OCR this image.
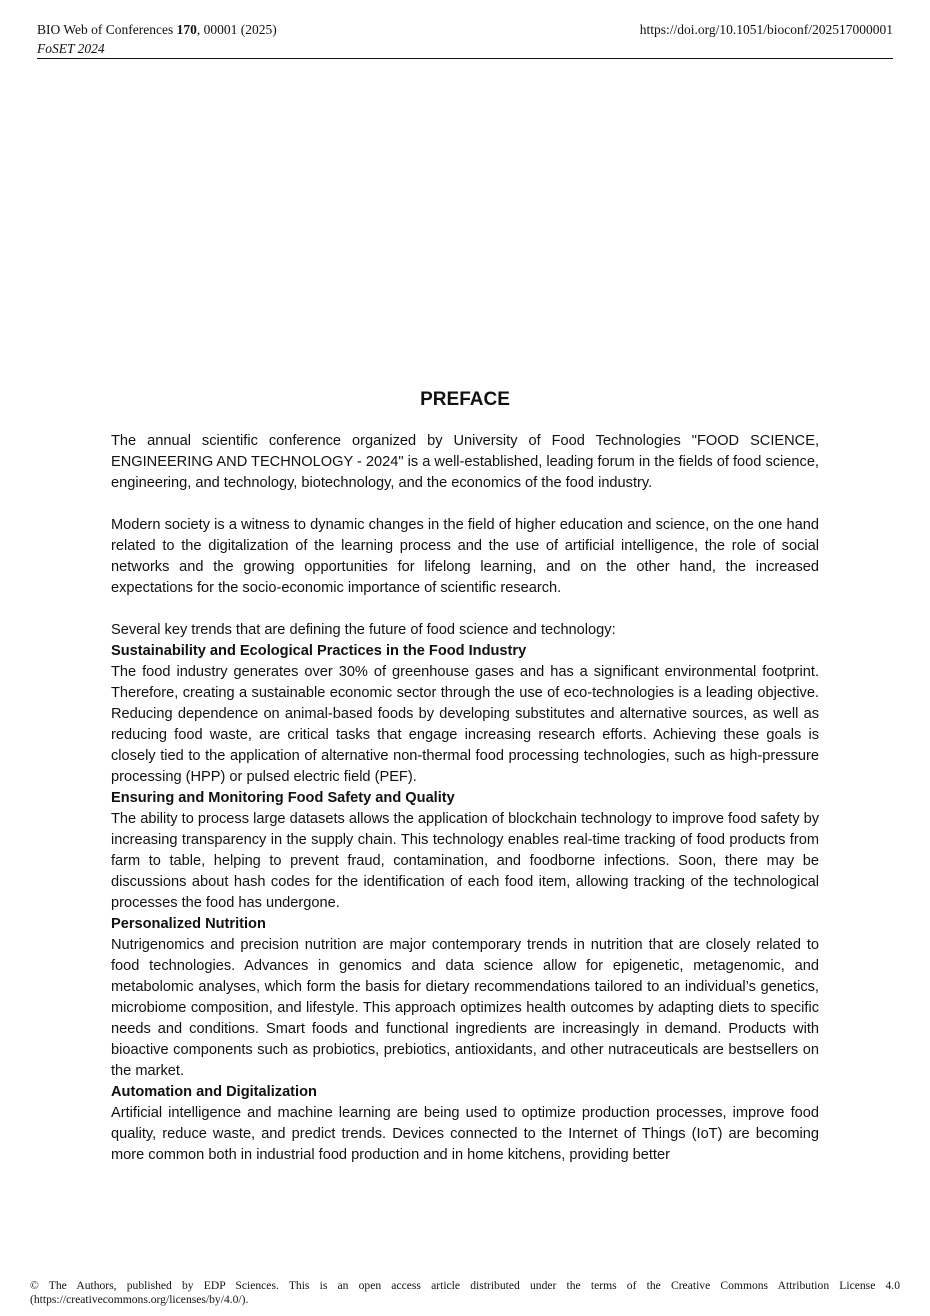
BIO Web of Conferences 170, 00001 (2025)	https://doi.org/10.1051/bioconf/202517000001
FoSET 2024
PREFACE

The annual scientific conference organized by University of Food Technologies "FOOD SCIENCE, ENGINEERING AND TECHNOLOGY - 2024" is a well-established, leading forum in the fields of food science, engineering, and technology, biotechnology, and the economics of the food industry.

Modern society is a witness to dynamic changes in the field of higher education and science, on the one hand related to the digitalization of the learning process and the use of artificial intelligence, the role of social networks and the growing opportunities for lifelong learning, and on the other hand, the increased expectations for the socio-economic importance of scientific research.

Several key trends that are defining the future of food science and technology:

Sustainability and Ecological Practices in the Food Industry

The food industry generates over 30% of greenhouse gases and has a significant environmental footprint. Therefore, creating a sustainable economic sector through the use of eco-technologies is a leading objective. Reducing dependence on animal-based foods by developing substitutes and alternative sources, as well as reducing food waste, are critical tasks that engage increasing research efforts. Achieving these goals is closely tied to the application of alternative non-thermal food processing technologies, such as high-pressure processing (HPP) or pulsed electric field (PEF).

Ensuring and Monitoring Food Safety and Quality

The ability to process large datasets allows the application of blockchain technology to improve food safety by increasing transparency in the supply chain. This technology enables real-time tracking of food products from farm to table, helping to prevent fraud, contamination, and foodborne infections. Soon, there may be discussions about hash codes for the identification of each food item, allowing tracking of the technological processes the food has undergone.

Personalized Nutrition

Nutrigenomics and precision nutrition are major contemporary trends in nutrition that are closely related to food technologies. Advances in genomics and data science allow for epigenetic, metagenomic, and metabolomic analyses, which form the basis for dietary recommendations tailored to an individual’s genetics, microbiome composition, and lifestyle. This approach optimizes health outcomes by adapting diets to specific needs and conditions. Smart foods and functional ingredients are increasingly in demand. Products with bioactive components such as probiotics, prebiotics, antioxidants, and other nutraceuticals are bestsellers on the market.

Automation and Digitalization

Artificial intelligence and machine learning are being used to optimize production processes, improve food quality, reduce waste, and predict trends. Devices connected to the Internet of Things (IoT) are becoming more common both in industrial food production and in home kitchens, providing better

© The Authors, published by EDP Sciences. This is an open access article distributed under the terms of the Creative Commons Attribution License 4.0 (https://creativecommons.org/licenses/by/4.0/).
